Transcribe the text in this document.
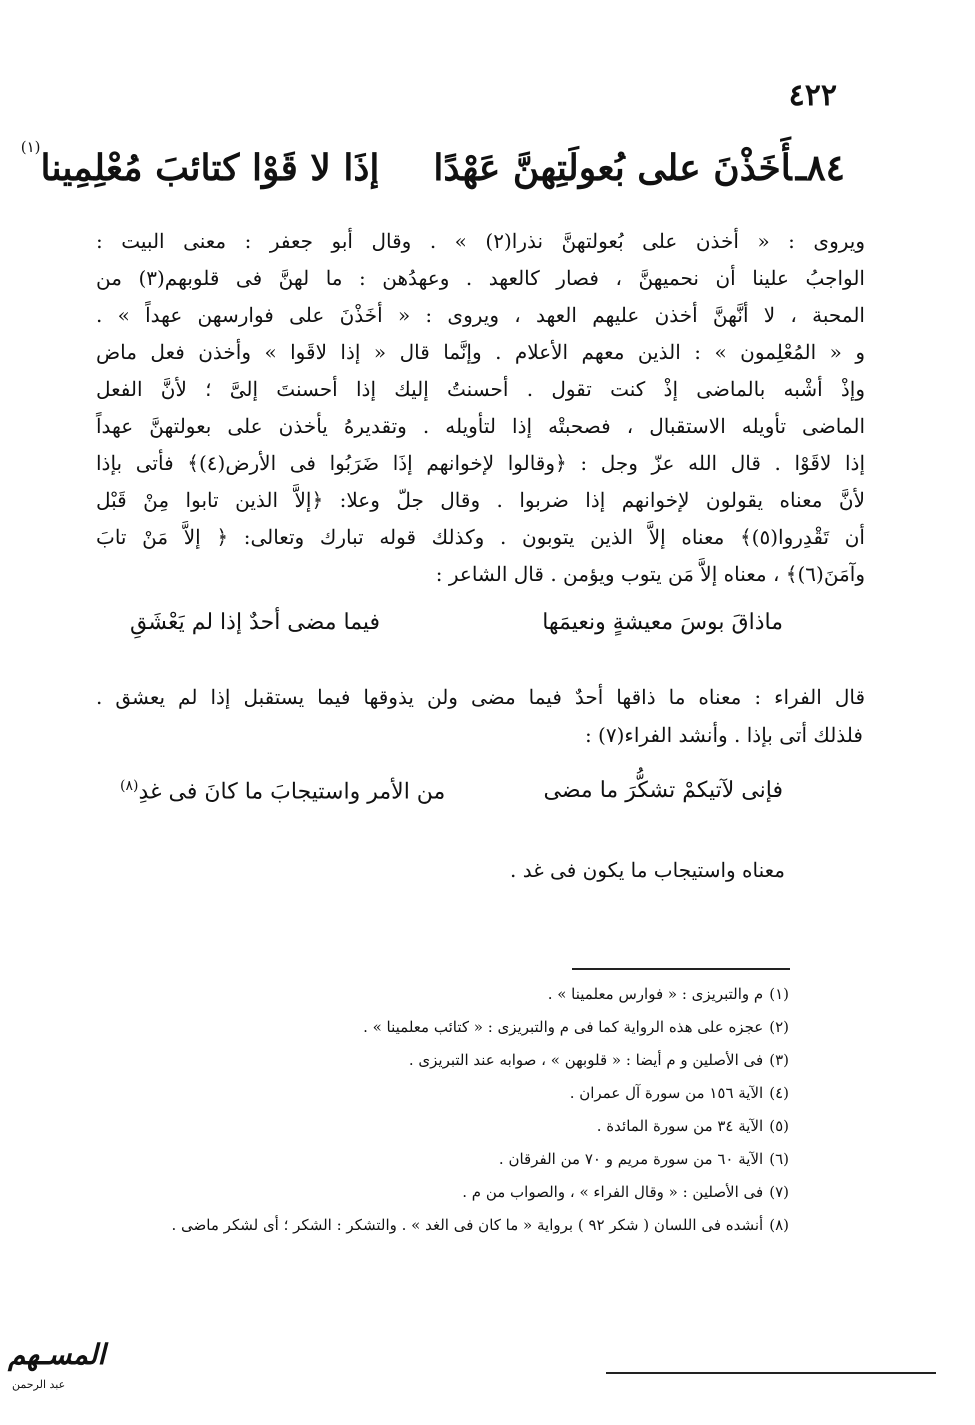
٤٢٢
٨٤ـأَخَذْنَ على بُعولَتِهنَّ عَهْدًاإذَا لا قَوْا كتائبَ مُعْلِمِينا$^{(١)}$
ويروى : « أخذن على بُعولتهنَّ نذرا(٢) » . وقال أبو جعفر : معنى البيت :
الواجبُ علينا أن نحميهنَّ ، فصار كالعهد . وعهدُهن : ما لهنَّ فى قلوبهم(٣) من
المحبة ، لا أنَّهنَّ أخذن عليهم العهد ، ويروى : « أخَذْنَ على فوارسهن عهداً » .
و « المُعْلِمون » : الذين معهم الأعلام . وإنَّما قال « إذا لاقَوا » وأخذن فعل ماض
وإذْ أشْبه بالماضى إذْ كنت تقول . أحسنتُ إليك إذا أحسنتَ إلىَّ ؛ لأنَّ الفعل
الماضى تأويله الاستقبال ، فصحبتْه إذا لتأويله . وتقديرهُ يأخذن على بعولتهنَّ عهداً
إذا لاقَوْا . قال الله عزّ وجل : ﴿وقالوا لإخوانهم إذَا ضَرَبُوا فى الأرض(٤)﴾ فأتى بإذا
لأنَّ معناه يقولون لإخوانهم إذا ضربوا . وقال جلّ وعلا: ﴿إلاَّ الذين تابوا مِنْ قَبْل
أن تَقْدِروا(٥)﴾ معناه إلاَّ الذين يتوبون . وكذلك قوله تبارك وتعالى: ﴿ إلاَّ مَنْ تابَ
وآمَنَ(٦)﴾ ، معناه إلاَّ مَن يتوب ويؤمن . قال الشاعر :
ماذاقَ بوسَ معيشةٍ ونعيمَها
فيما مضى أحدٌ إذا لم يَعْشَقِ
قال الفراء : معناه ما ذاقها أحدٌ فيما مضى ولن يذوقها فيما يستقبل إذا لم يعشق .
فلذلك أتى بإذا . وأنشد الفراء(٧) :
فإنى لآتيكمْ تشكُّرَ ما مضى
من الأمر واستيجابَ ما كانَ فى غدِ$^{(٨)}$
معناه واستيجاب ما يكون فى غد .
(١)م والتبريزى : « فوارس معلمينا » .
(٢)عجزه على هذه الرواية كما فى م والتبريزى : « كتائب معلمينا » .
(٣)فى الأصلين و م أيضا : « قلوبهن » ، صوابه عند التبريزى .
(٤)الآية ١٥٦ من سورة آل عمران .
(٥)الآية ٣٤ من سورة المائدة .
(٦)الآية ٦٠ من سورة مريم و ٧٠ من الفرقان .
(٧)فى الأصلين : « وقال الفراء » ، والصواب من م .
(٨)أنشده فى اللسان ( شكر ٩٢ ) برواية « ما كان فى الغد » . والتشكر : الشكر ؛ أى لشكر ماضى .
المسـهم
عبد الرحمن
